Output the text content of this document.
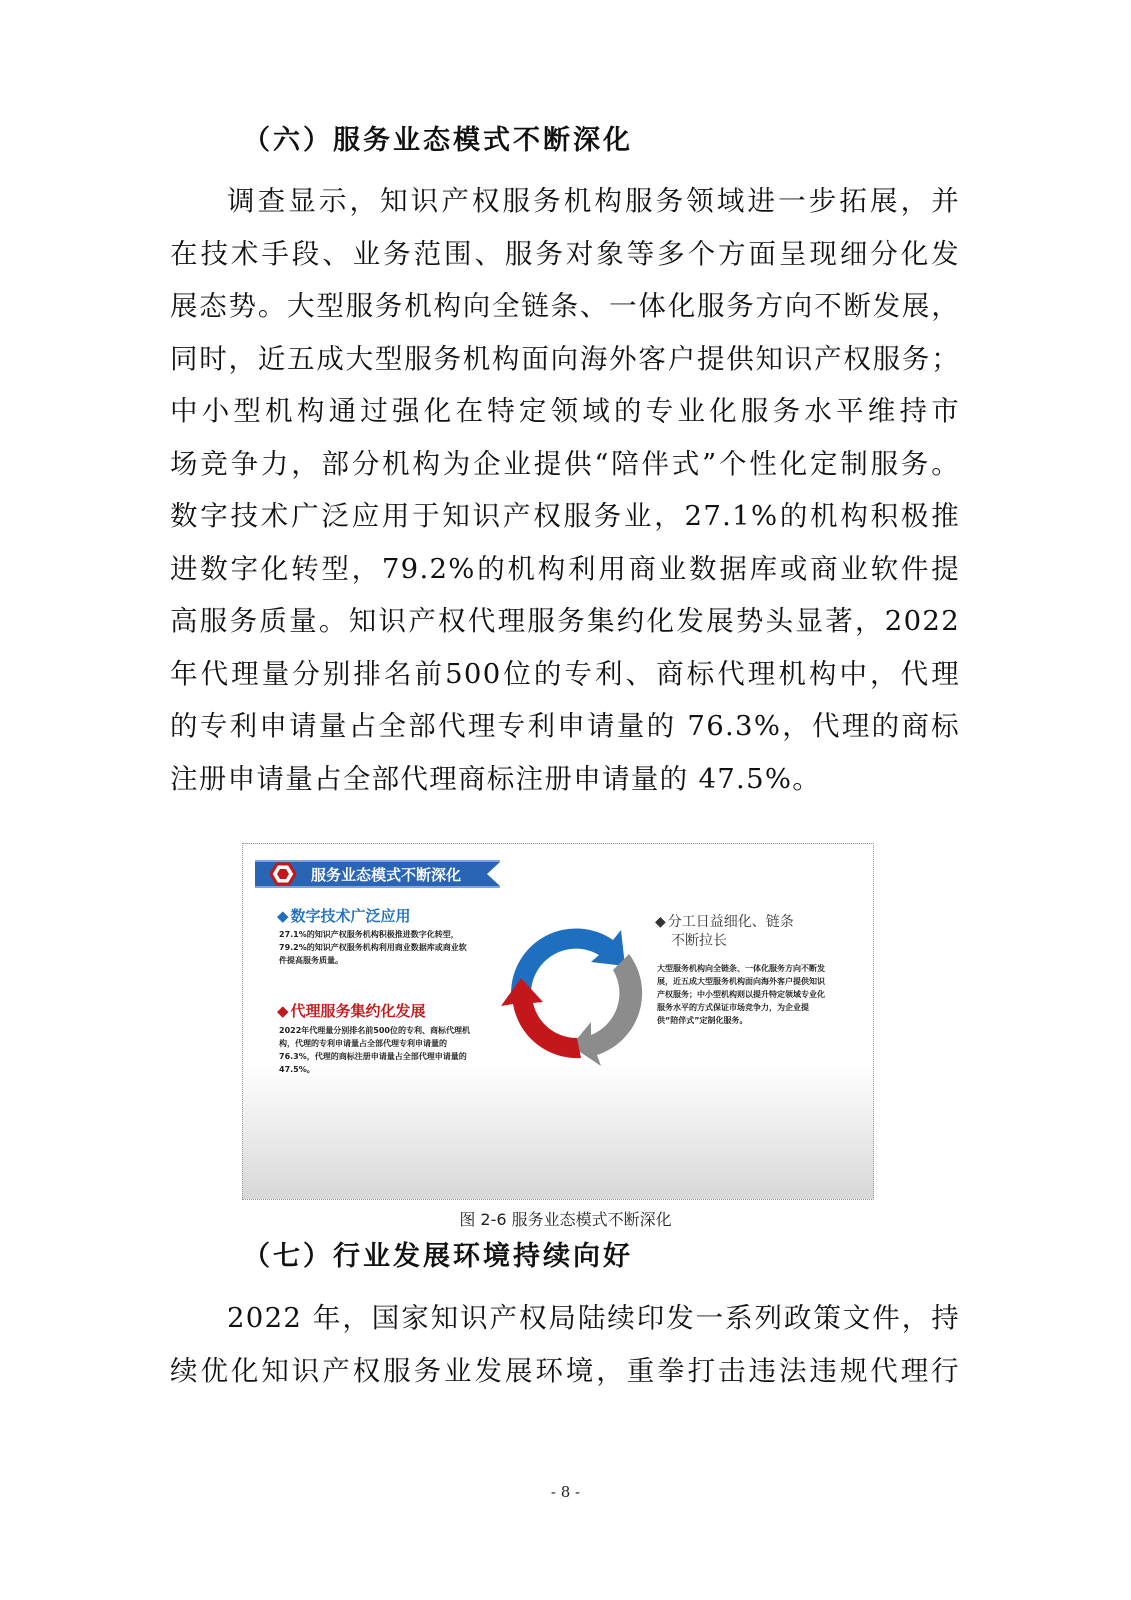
（六）服务业态模式不断深化
调查显示，知识产权服务机构服务领域进一步拓展，并
在技术手段、业务范围、服务对象等多个方面呈现细分化发
展态势。大型服务机构向全链条、一体化服务方向不断发展，
同时，近五成大型服务机构面向海外客户提供知识产权服务；
中小型机构通过强化在特定领域的专业化服务水平维持市
场竞争力，部分机构为企业提供“陪伴式”个性化定制服务。
数字技术广泛应用于知识产权服务业，27.1%的机构积极推
进数字化转型，79.2%的机构利用商业数据库或商业软件提
高服务质量。知识产权代理服务集约化发展势头显著，2022
年代理量分别排名前500位的专利、商标代理机构中，代理
的专利申请量占全部代理专利申请量的 76.3%，代理的商标
注册申请量占全部代理商标注册申请量的 47.5%。
服务业态模式不断深化
◆ 数字技术广泛应用
27.1%的知识产权服务机构积极推进数字化转型，79.2%的知识产权服务机构利用商业数据库或商业软件提高服务质量。
◆ 代理服务集约化发展
2022年代理量分别排名前500位的专利、商标代理机构，代理的专利申请量占全部代理专利申请量的76.3%，代理的商标注册申请量占全部代理申请量的47.5%。
◆ 分工日益细化、链条
不断拉长
大型服务机构向全链条、一体化服务方向不断发展，近五成大型服务机构面向海外客户提供知识产权服务；中小型机构则以提升特定领域专业化服务水平的方式保证市场竞争力，为企业提供“陪伴式”定制化服务。
图 2-6 服务业态模式不断深化
（七）行业发展环境持续向好
2022 年，国家知识产权局陆续印发一系列政策文件，持
续优化知识产权服务业发展环境，重拳打击违法违规代理行
- 8 -
